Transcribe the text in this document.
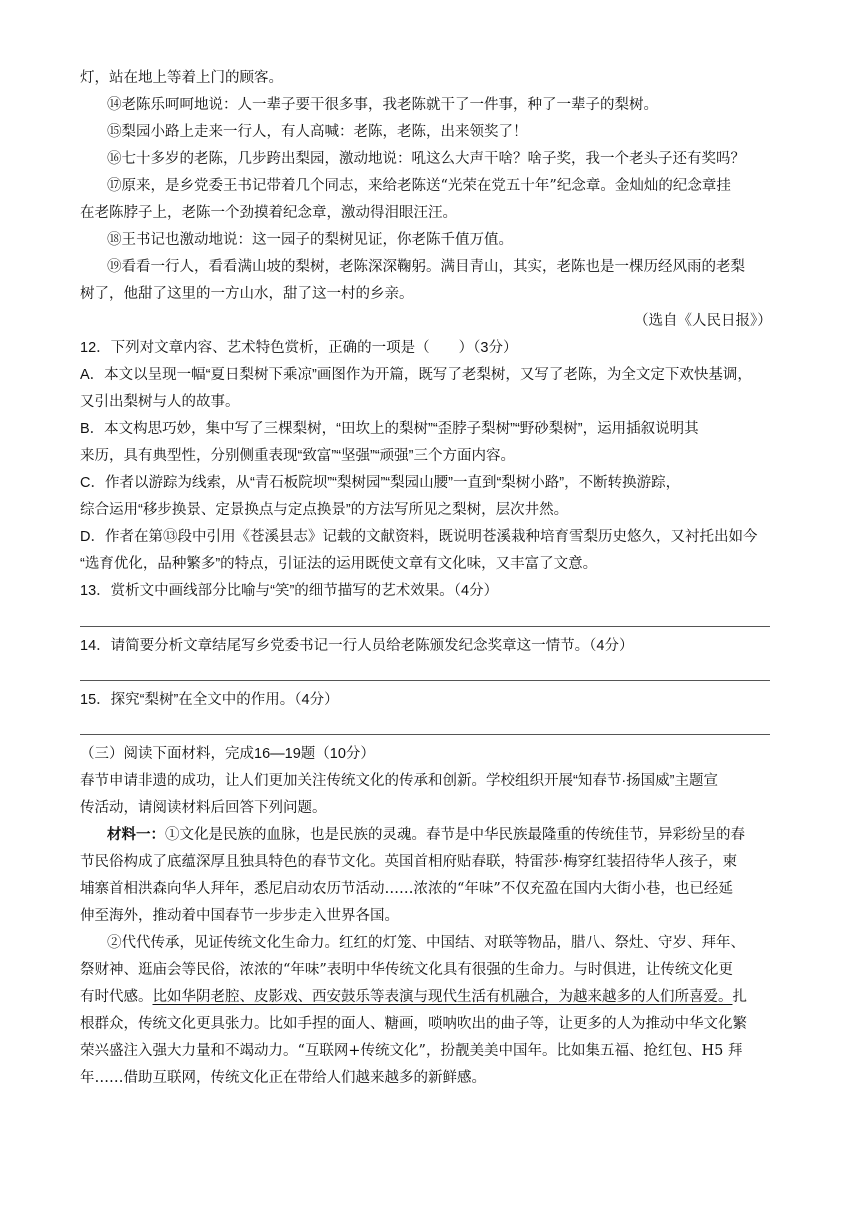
灯，站在地上等着上门的顾客。
⑭老陈乐呵呵地说：人一辈子要干很多事，我老陈就干了一件事，种了一辈子的梨树。
⑮梨园小路上走来一行人，有人高喊：老陈，老陈，出来领奖了！
⑯七十多岁的老陈，几步跨出梨园，激动地说：吼这么大声干啥？啥子奖，我一个老头子还有奖吗？
⑰原来，是乡党委王书记带着几个同志，来给老陈送“光荣在党五十年”纪念章。金灿灿的纪念章挂
在老陈脖子上，老陈一个劲摸着纪念章，激动得泪眼汪汪。
⑱王书记也激动地说：这一园子的梨树见证，你老陈千值万值。
⑲看看一行人，看看满山坡的梨树，老陈深深鞠躬。满目青山，其实，老陈也是一棵历经风雨的老梨
树了，他甜了这里的一方山水，甜了这一村的乡亲。
（选自《人民日报》）
12．下列对文章内容、艺术特色赏析，正确的一项是（　　）（3分）
A．本文以呈现一幅“夏日梨树下乘凉”画图作为开篇，既写了老梨树，又写了老陈，为全文定下欢快基调，
又引出梨树与人的故事。
B．本文构思巧妙，集中写了三棵梨树，“田坎上的梨树”“歪脖子梨树”“野砂梨树”，运用插叙说明其
来历，具有典型性，分别侧重表现“致富”“坚强”“顽强”三个方面内容。
C．作者以游踪为线索，从“青石板院坝”“梨树园”“梨园山腰”一直到“梨树小路”，不断转换游踪，
综合运用“移步换景、定景换点与定点换景”的方法写所见之梨树，层次井然。
D．作者在第⑬段中引用《苍溪县志》记载的文献资料，既说明苍溪栽种培育雪梨历史悠久，又衬托出如今
“选育优化，品种繁多”的特点，引证法的运用既使文章有文化味，又丰富了文意。
13．赏析文中画线部分比喻与“笑”的细节描写的艺术效果。（4分）
14．请简要分析文章结尾写乡党委书记一行人员给老陈颁发纪念奖章这一情节。（4分）
15．探究“梨树”在全文中的作用。（4分）
（三）阅读下面材料，完成16—19题（10分）
春节申请非遗的成功，让人们更加关注传统文化的传承和创新。学校组织开展“知春节·扬国威”主题宣
传活动，请阅读材料后回答下列问题。
材料一：①文化是民族的血脉，也是民族的灵魂。春节是中华民族最隆重的传统佳节，异彩纷呈的春
节民俗构成了底蕴深厚且独具特色的春节文化。英国首相府贴春联，特雷莎·梅穿红装招待华人孩子，柬
埔寨首相洪森向华人拜年，悉尼启动农历节活动……浓浓的“年味”不仅充盈在国内大街小巷，也已经延
伸至海外，推动着中国春节一步步走入世界各国。
②代代传承，见证传统文化生命力。红红的灯笼、中国结、对联等物品，腊八、祭灶、守岁、拜年、
祭财神、逛庙会等民俗，浓浓的“年味”表明中华传统文化具有很强的生命力。与时俱进，让传统文化更
有时代感。比如华阴老腔、皮影戏、西安鼓乐等表演与现代生活有机融合，为越来越多的人们所喜爱。扎
根群众，传统文化更具张力。比如手捏的面人、糖画，唢呐吹出的曲子等，让更多的人为推动中华文化繁
荣兴盛注入强大力量和不竭动力。“互联网+传统文化”，扮靓美美中国年。比如集五福、抢红包、H5 拜
年……借助互联网，传统文化正在带给人们越来越多的新鲜感。
